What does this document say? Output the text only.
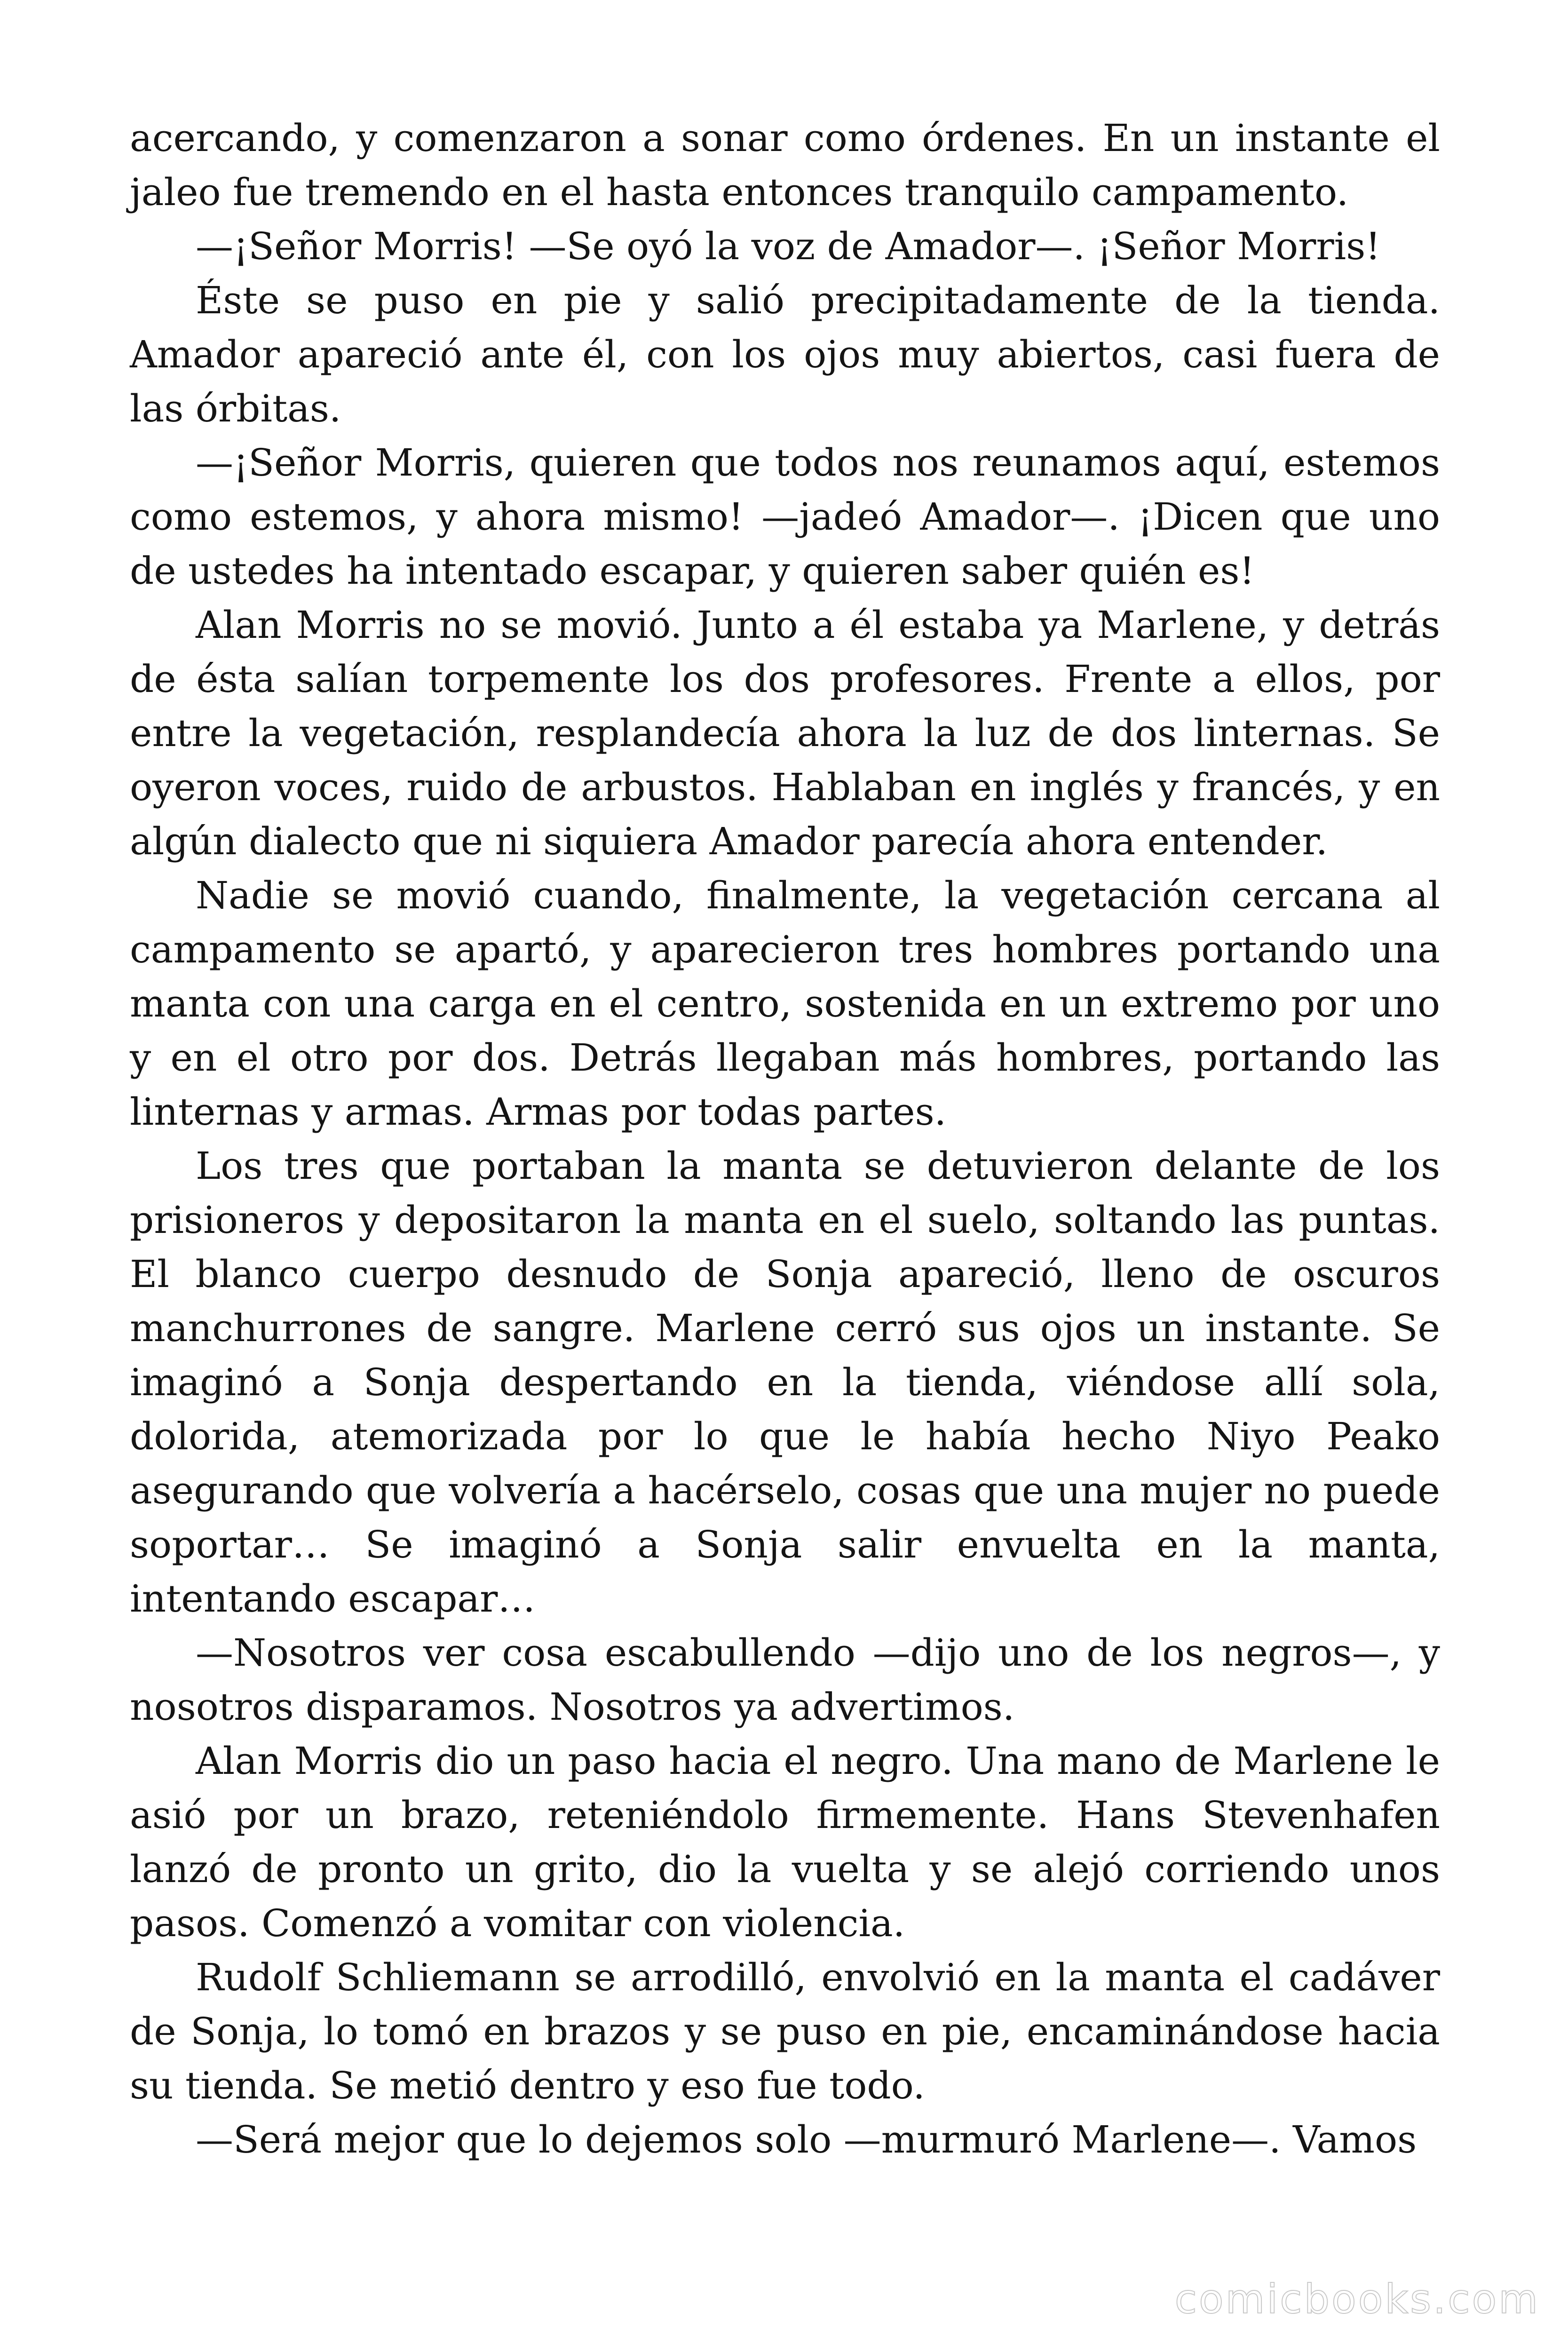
acercando, y comenzaron a sonar como órdenes. En un instante el jaleo fue tremendo en el hasta entonces tranquilo campamento.

—¡Señor Morris! —Se oyó la voz de Amador—. ¡Señor Morris!

Éste se puso en pie y salió precipitadamente de la tienda. Amador apareció ante él, con los ojos muy abiertos, casi fuera de las órbitas.

—¡Señor Morris, quieren que todos nos reunamos aquí, estemos como estemos, y ahora mismo! —jadeó Amador—. ¡Dicen que uno de ustedes ha intentado escapar, y quieren saber quién es!

Alan Morris no se movió. Junto a él estaba ya Marlene, y detrás de ésta salían torpemente los dos profesores. Frente a ellos, por entre la vegetación, resplandecía ahora la luz de dos linternas. Se oyeron voces, ruido de arbustos. Hablaban en inglés y francés, y en algún dialecto que ni siquiera Amador parecía ahora entender.

Nadie se movió cuando, finalmente, la vegetación cercana al campamento se apartó, y aparecieron tres hombres portando una manta con una carga en el centro, sostenida en un extremo por uno y en el otro por dos. Detrás llegaban más hombres, portando las linternas y armas. Armas por todas partes.

Los tres que portaban la manta se detuvieron delante de los prisioneros y depositaron la manta en el suelo, soltando las puntas. El blanco cuerpo desnudo de Sonja apareció, lleno de oscuros manchurrones de sangre. Marlene cerró sus ojos un instante. Se imaginó a Sonja despertando en la tienda, viéndose allí sola, dolorida, atemorizada por lo que le había hecho Niyo Peako asegurando que volvería a hacérselo, cosas que una mujer no puede soportar… Se imaginó a Sonja salir envuelta en la manta, intentando escapar…

—Nosotros ver cosa escabullendo —dijo uno de los negros—, y nosotros disparamos. Nosotros ya advertimos.

Alan Morris dio un paso hacia el negro. Una mano de Marlene le asió por un brazo, reteniéndolo firmemente. Hans Stevenhafen lanzó de pronto un grito, dio la vuelta y se alejó corriendo unos pasos. Comenzó a vomitar con violencia.

Rudolf Schliemann se arrodilló, envolvió en la manta el cadáver de Sonja, lo tomó en brazos y se puso en pie, encaminándose hacia su tienda. Se metió dentro y eso fue todo.

—Será mejor que lo dejemos solo —murmuró Marlene—. Vamos

comicbooks.com
